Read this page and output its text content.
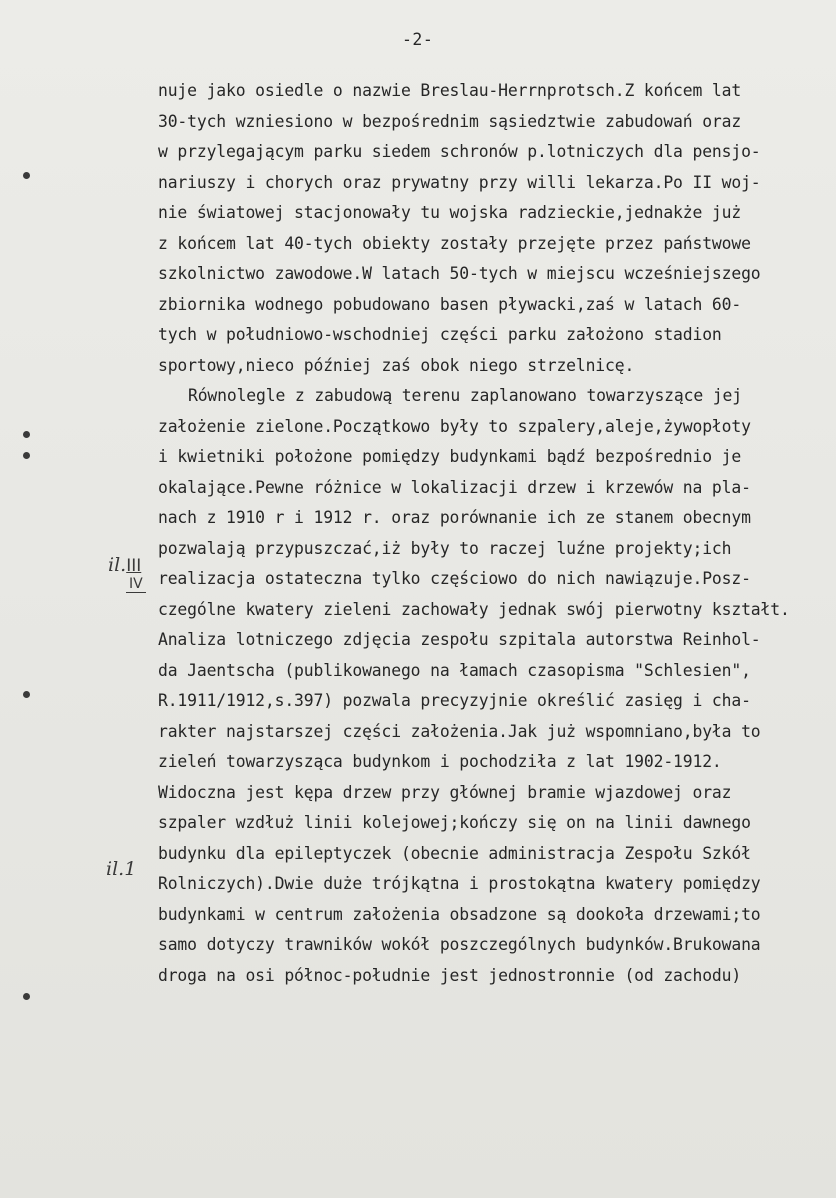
-2-
il.III
IV
il.1
nuje jako osiedle o nazwie Breslau-Herrnprotsch.Z końcem lat
30-tych wzniesiono w bezpośrednim sąsiedztwie zabudowań oraz
w przylegającym parku siedem schronów p.lotniczych dla pensjo-
nariuszy i chorych oraz prywatny przy willi lekarza.Po II woj-
nie światowej stacjonowały tu wojska radzieckie,jednakże już
z końcem lat 40-tych obiekty zostały przejęte przez państwowe
szkolnictwo zawodowe.W latach 50-tych w miejscu wcześniejszego
zbiornika wodnego pobudowano basen pływacki,zaś w latach 60-
tych w południowo-wschodniej części parku założono stadion
sportowy,nieco później zaś obok niego strzelnicę.
Równolegle z zabudową terenu zaplanowano towarzyszące jej
założenie zielone.Początkowo były to szpalery,aleje,żywopłoty
i kwietniki położone pomiędzy budynkami bądź bezpośrednio je
okalające.Pewne różnice w lokalizacji drzew i krzewów na pla-
nach z 1910 r i 1912 r. oraz porównanie ich ze stanem obecnym
pozwalają przypuszczać,iż były to raczej luźne projekty;ich
realizacja ostateczna tylko częściowo do nich nawiązuje.Posz-
czególne kwatery zieleni zachowały jednak swój pierwotny kształt.
Analiza lotniczego zdjęcia zespołu szpitala autorstwa Reinhol-
da Jaentscha (publikowanego na łamach czasopisma "Schlesien",
R.1911/1912,s.397) pozwala precyzyjnie określić zasięg i cha-
rakter najstarszej części założenia.Jak już wspomniano,była to
zieleń towarzysząca budynkom i pochodziła z lat 1902-1912.
Widoczna jest kępa drzew przy głównej bramie wjazdowej oraz
szpaler wzdłuż linii kolejowej;kończy się on na linii dawnego
budynku dla epileptyczek (obecnie administracja Zespołu Szkół
Rolniczych).Dwie duże trójkątna i prostokątna kwatery pomiędzy
budynkami w centrum założenia obsadzone są dookoła drzewami;to
samo dotyczy trawników wokół poszczególnych budynków.Brukowana
droga na osi północ-południe jest jednostronnie (od zachodu)
